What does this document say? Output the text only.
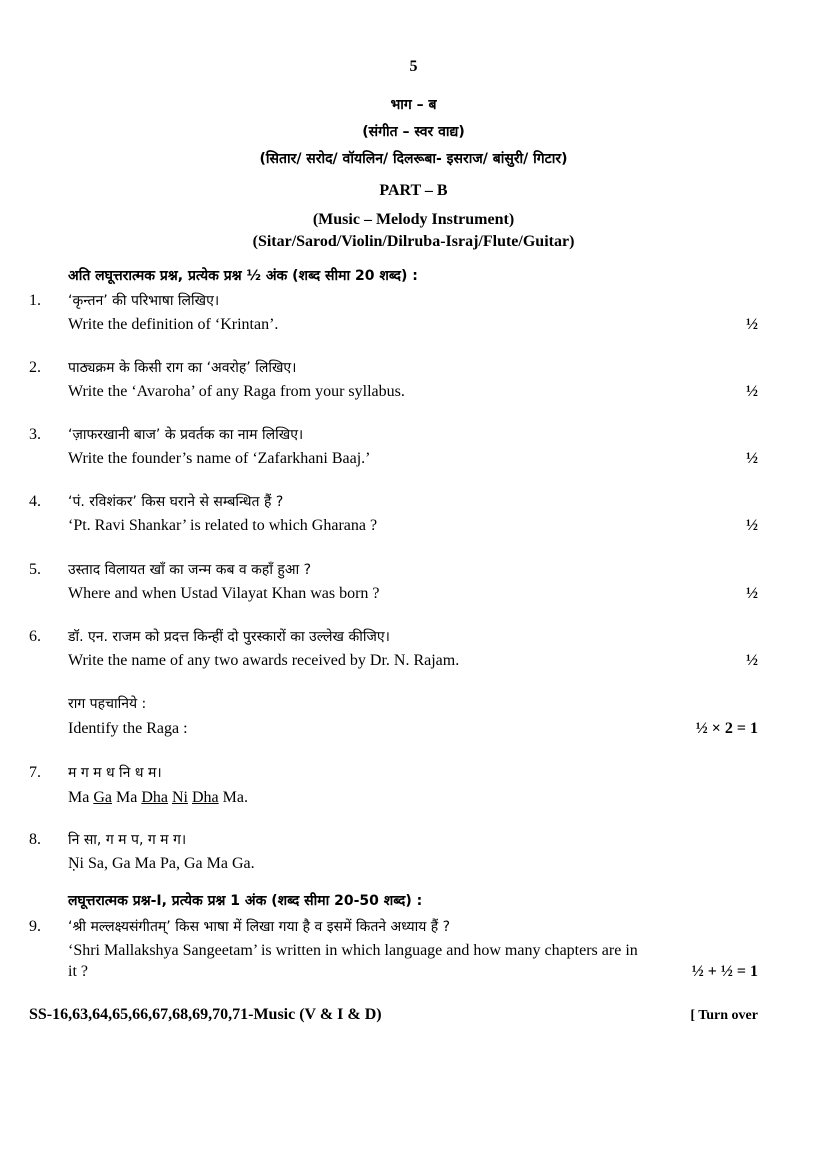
5
भाग – ब
(संगीत – स्वर वाद्य)
(सितार/ सरोद/ वॉयलिन/ दिलरूबा- इसराज/ बांसुरी/ गिटार)
PART – B
(Music – Melody Instrument)
(Sitar/Sarod/Violin/Dilruba-Israj/Flute/Guitar)
अति लघूत्तरात्मक प्रश्न, प्रत्येक प्रश्न ½ अंक (शब्द सीमा 20 शब्द) :
1. ‘कृन्तन’ की परिभाषा लिखिए।
Write the definition of ‘Krintan’.	½
2. पाठ्यक्रम के किसी राग का ‘अवरोह’ लिखिए।
Write the ‘Avaroha’ of any Raga from your syllabus.	½
3. ‘ज़ाफरखानी बाज’ के प्रवर्तक का नाम लिखिए।
Write the founder’s name of ‘Zafarkhani Baaj.’	½
4. ‘पं. रविशंकर’ किस घराने से सम्बन्धित हैं ?
‘Pt. Ravi Shankar’ is related to which Gharana ?	½
5. उस्ताद विलायत खाँ का जन्म कब व कहाँ हुआ ?
Where and when Ustad Vilayat Khan was born ?	½
6. डॉ. एन. राजम को प्रदत्त किन्हीं दो पुरस्कारों का उल्लेख कीजिए।
Write the name of any two awards received by Dr. N. Rajam.	½
राग पहचानिये :
Identify the Raga :	½ × 2 = 1
7. म ग म ध नि ध म।
Ma Ga Ma Dha Ni Dha Ma.
8. नि सा, ग म प, ग म ग।
Ṇi Sa, Ga Ma Pa, Ga Ma Ga.
लघूत्तरात्मक प्रश्न-I, प्रत्येक प्रश्न 1 अंक (शब्द सीमा 20-50 शब्द) :
9. ‘श्री मल्लक्ष्यसंगीतम्’ किस भाषा में लिखा गया है व इसमें कितने अध्याय हैं ?
‘Shri Mallakshya Sangeetam’ is written in which language and how many chapters are in
it ?	½ + ½ = 1
SS-16,63,64,65,66,67,68,69,70,71-Music (V & I & D)	[ Turn over
